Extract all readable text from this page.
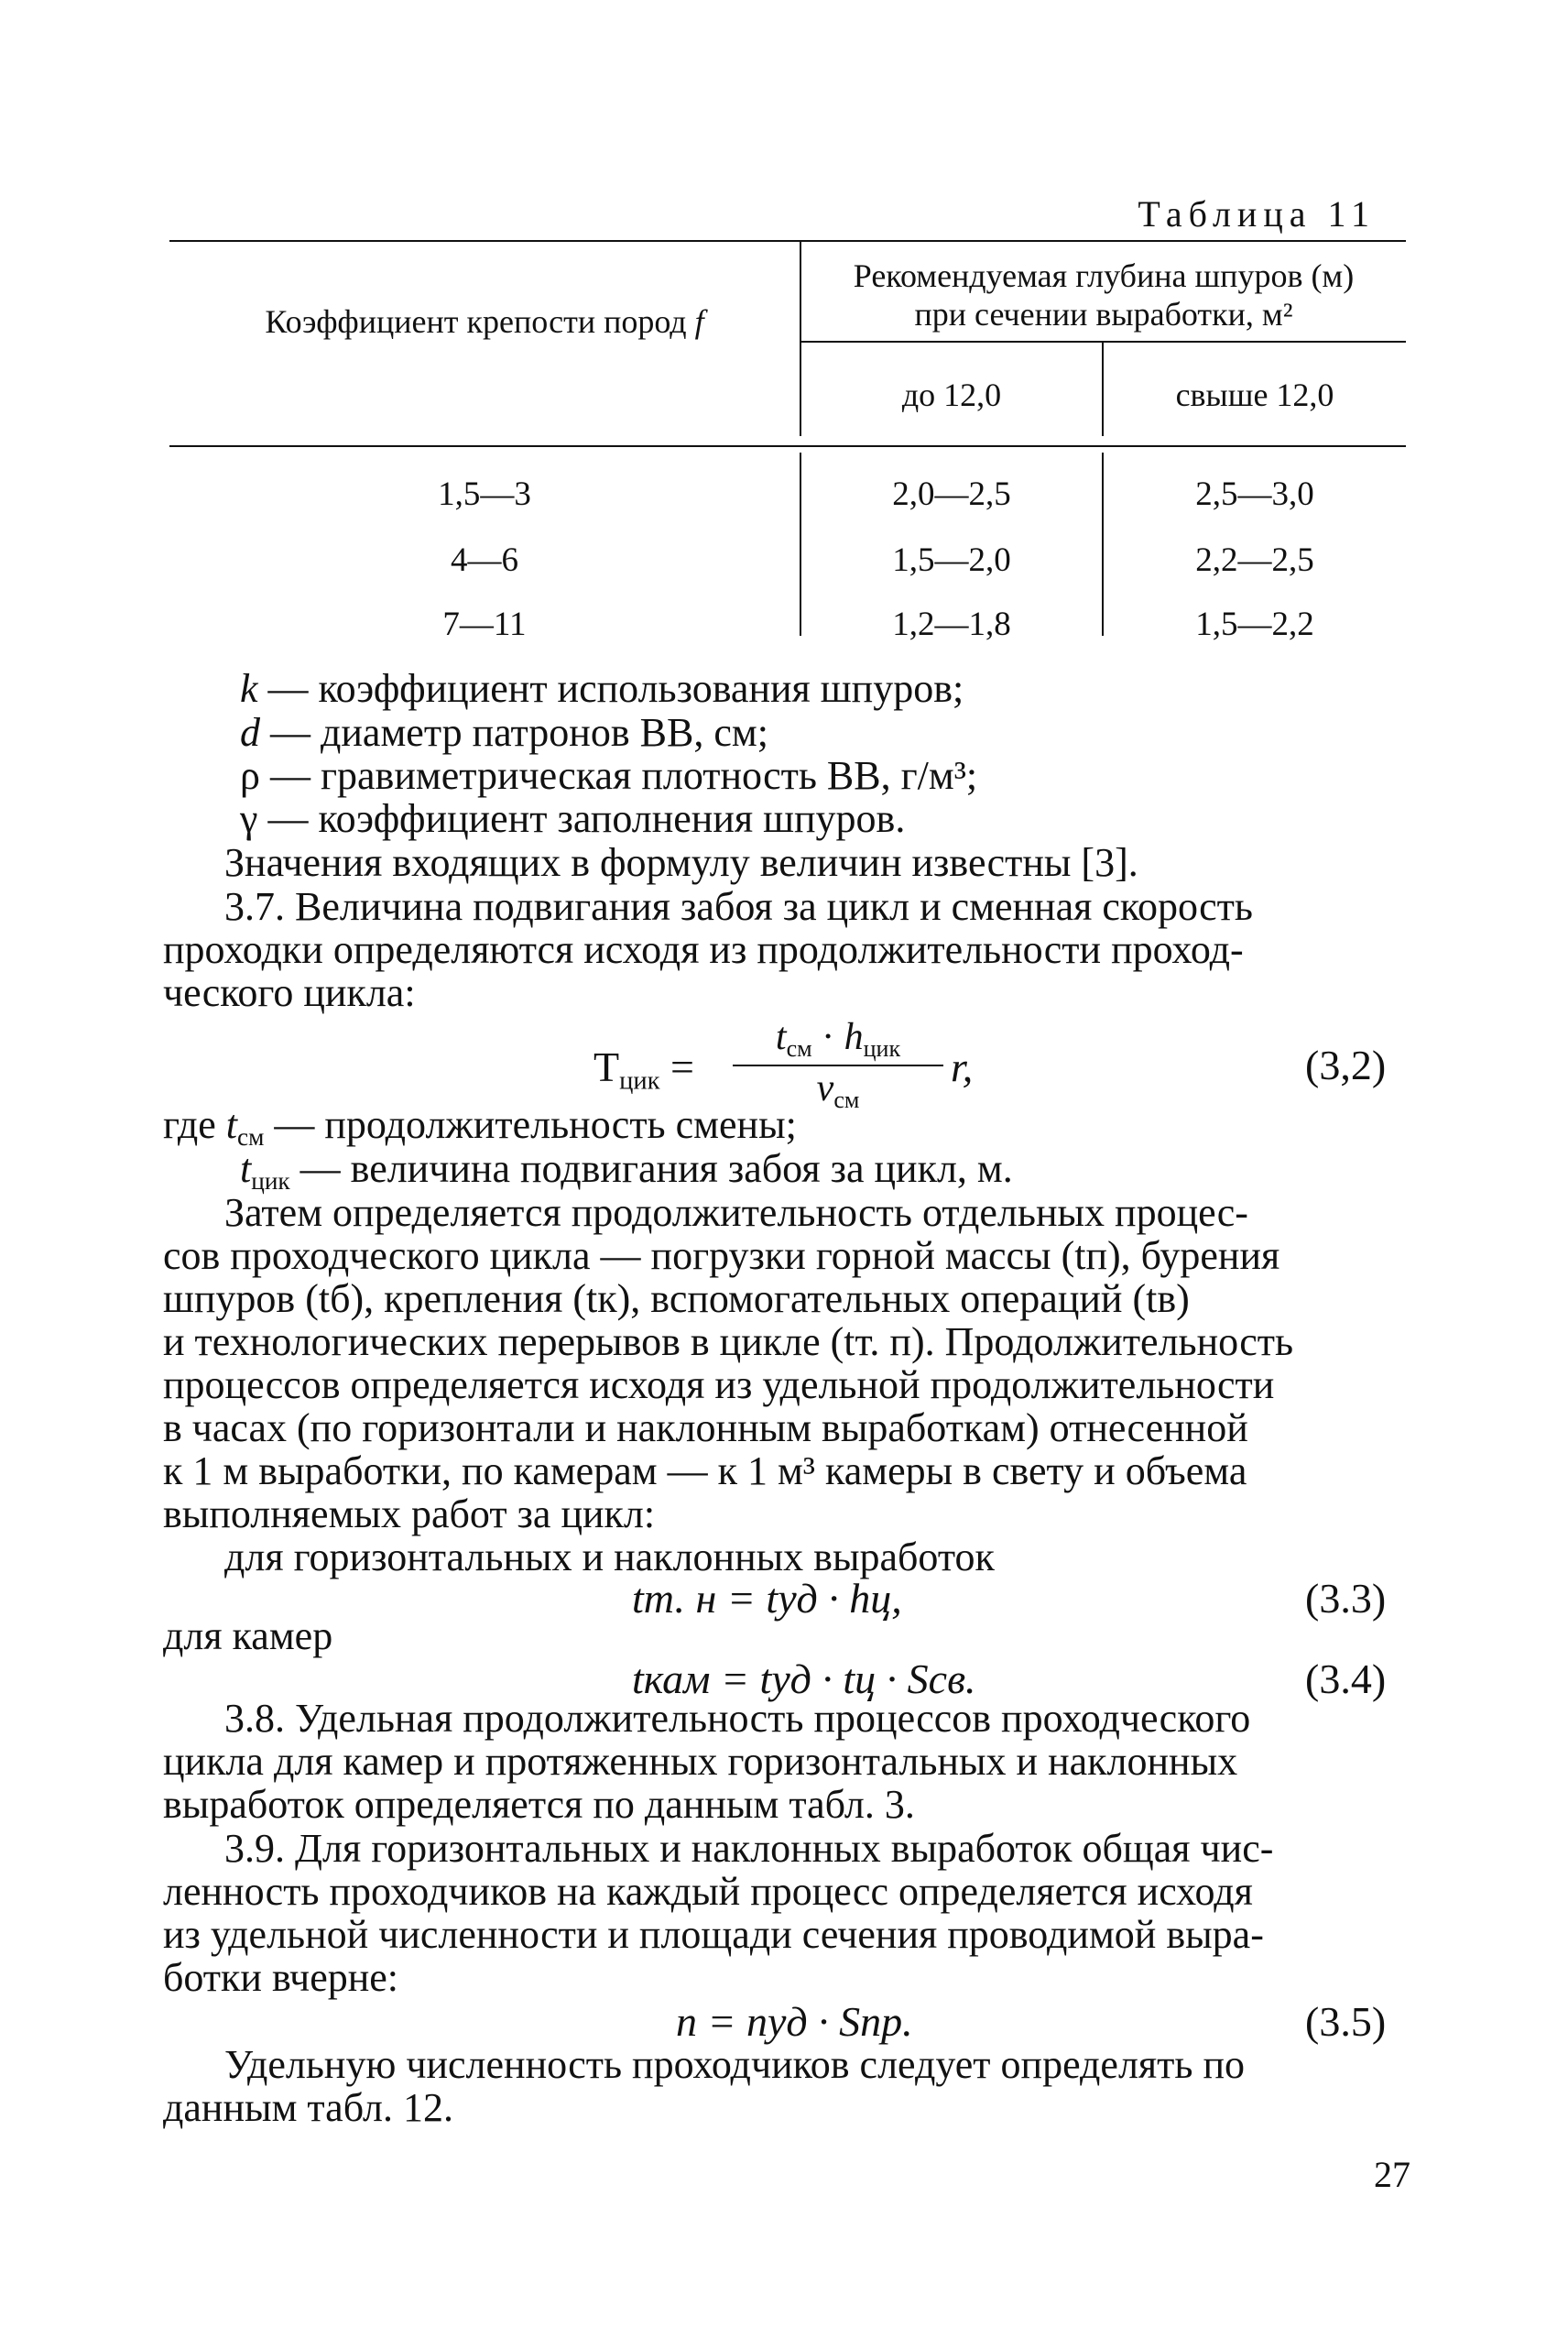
Таблица 11
Коэффициент крепости пород f
Рекомендуемая глубина шпуров (м)
при сечении выработки, м²
до 12,0	свыше 12,0
1,5—3	2,0—2,5	2,5—3,0
4—6	1,5—2,0	2,2—2,5
7—11	1,2—1,8	1,5—2,2
k — коэффициент использования шпуров;
d — диаметр патронов ВВ, см;
ρ — гравиметрическая плотность ВВ, г/м³;
γ — коэффициент заполнения шпуров.
Значения входящих в формулу величин известны [3].
3.7. Величина подвигания забоя за цикл и сменная скорость
проходки определяются исходя из продолжительности проход-
ческого цикла:
$Т_{цик}$ =
$t_{см} \cdot h_{цик}$
$v_{см}$
r,	(3,2)
где $t_{см}$ — продолжительность смены;
$t_{цик}$ — величина подвигания забоя за цикл, м.
Затем определяется продолжительность отдельных процес-
сов проходческого цикла — погрузки горной массы (tп), бурения
шпуров (tб), крепления (tк), вспомогательных операций (tв)
и технологических перерывов в цикле (tт. п). Продолжительность
процессов определяется исходя из удельной продолжительности
в часах (по горизонтали и наклонным выработкам) отнесенной
к 1 м выработки, по камерам — к 1 м³ камеры в свету и объема
выполняемых работ за цикл:
для горизонтальных и наклонных выработок
tт. н = tуд · hц,	(3.3)
для камер
tкам = tуд · tц · Sсв.	(3.4)
3.8. Удельная продолжительность процессов проходческого
цикла для камер и протяженных горизонтальных и наклонных
выработок определяется по данным табл. 3.
3.9. Для горизонтальных и наклонных выработок общая чис-
ленность проходчиков на каждый процесс определяется исходя
из удельной численности и площади сечения проводимой выра-
ботки вчерне:
n = nуд · Sпр.	(3.5)
Удельную численность проходчиков следует определять по
данным табл. 12.
27
